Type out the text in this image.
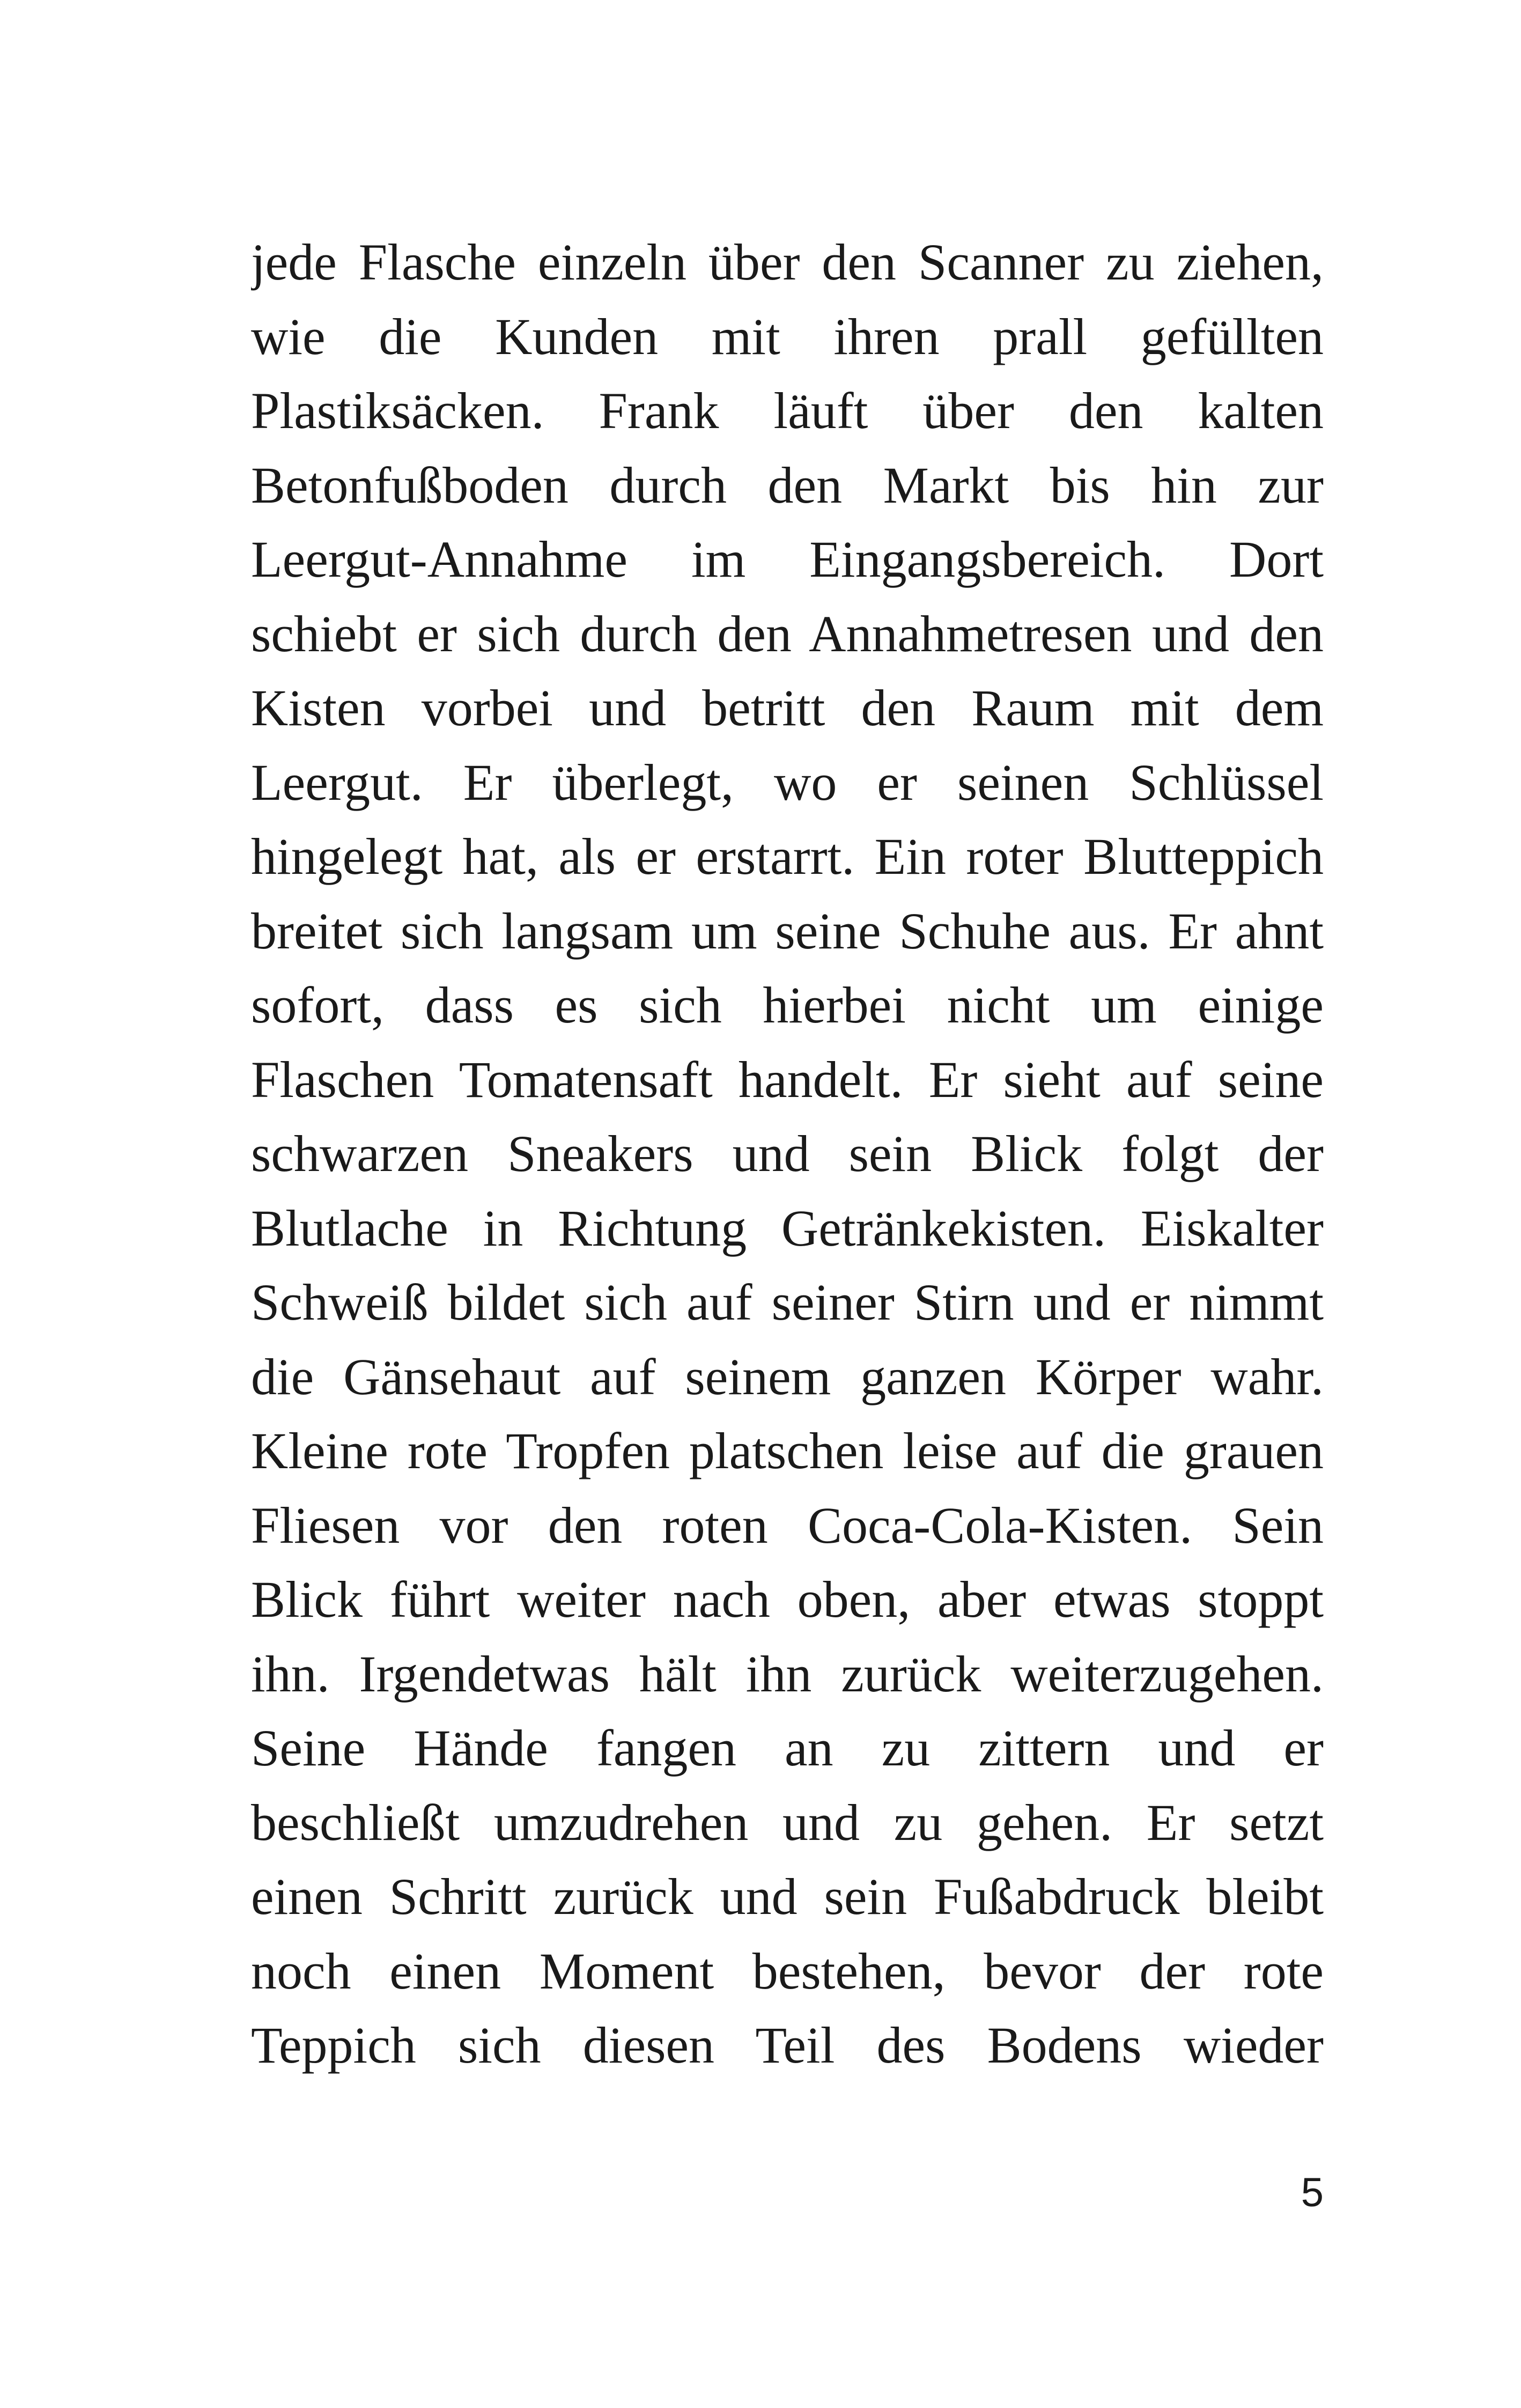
jede Flasche einzeln über den Scanner zu ziehen,
wie die Kunden mit ihren prall gefüllten
Plastiksäcken. Frank läuft über den kalten
Betonfußboden durch den Markt bis hin zur
Leergut-Annahme im Eingangsbereich. Dort
schiebt er sich durch den Annahmetresen und den
Kisten vorbei und betritt den Raum mit dem
Leergut. Er überlegt, wo er seinen Schlüssel
hingelegt hat, als er erstarrt. Ein roter Blutteppich
breitet sich langsam um seine Schuhe aus. Er ahnt
sofort, dass es sich hierbei nicht um einige
Flaschen Tomatensaft handelt. Er sieht auf seine
schwarzen Sneakers und sein Blick folgt der
Blutlache in Richtung Getränkekisten. Eiskalter
Schweiß bildet sich auf seiner Stirn und er nimmt
die Gänsehaut auf seinem ganzen Körper wahr.
Kleine rote Tropfen platschen leise auf die grauen
Fliesen vor den roten Coca-Cola-Kisten. Sein
Blick führt weiter nach oben, aber etwas stoppt
ihn. Irgendetwas hält ihn zurück weiterzugehen.
Seine Hände fangen an zu zittern und er
beschließt umzudrehen und zu gehen. Er setzt
einen Schritt zurück und sein Fußabdruck bleibt
noch einen Moment bestehen, bevor der rote
Teppich sich diesen Teil des Bodens wieder
5
